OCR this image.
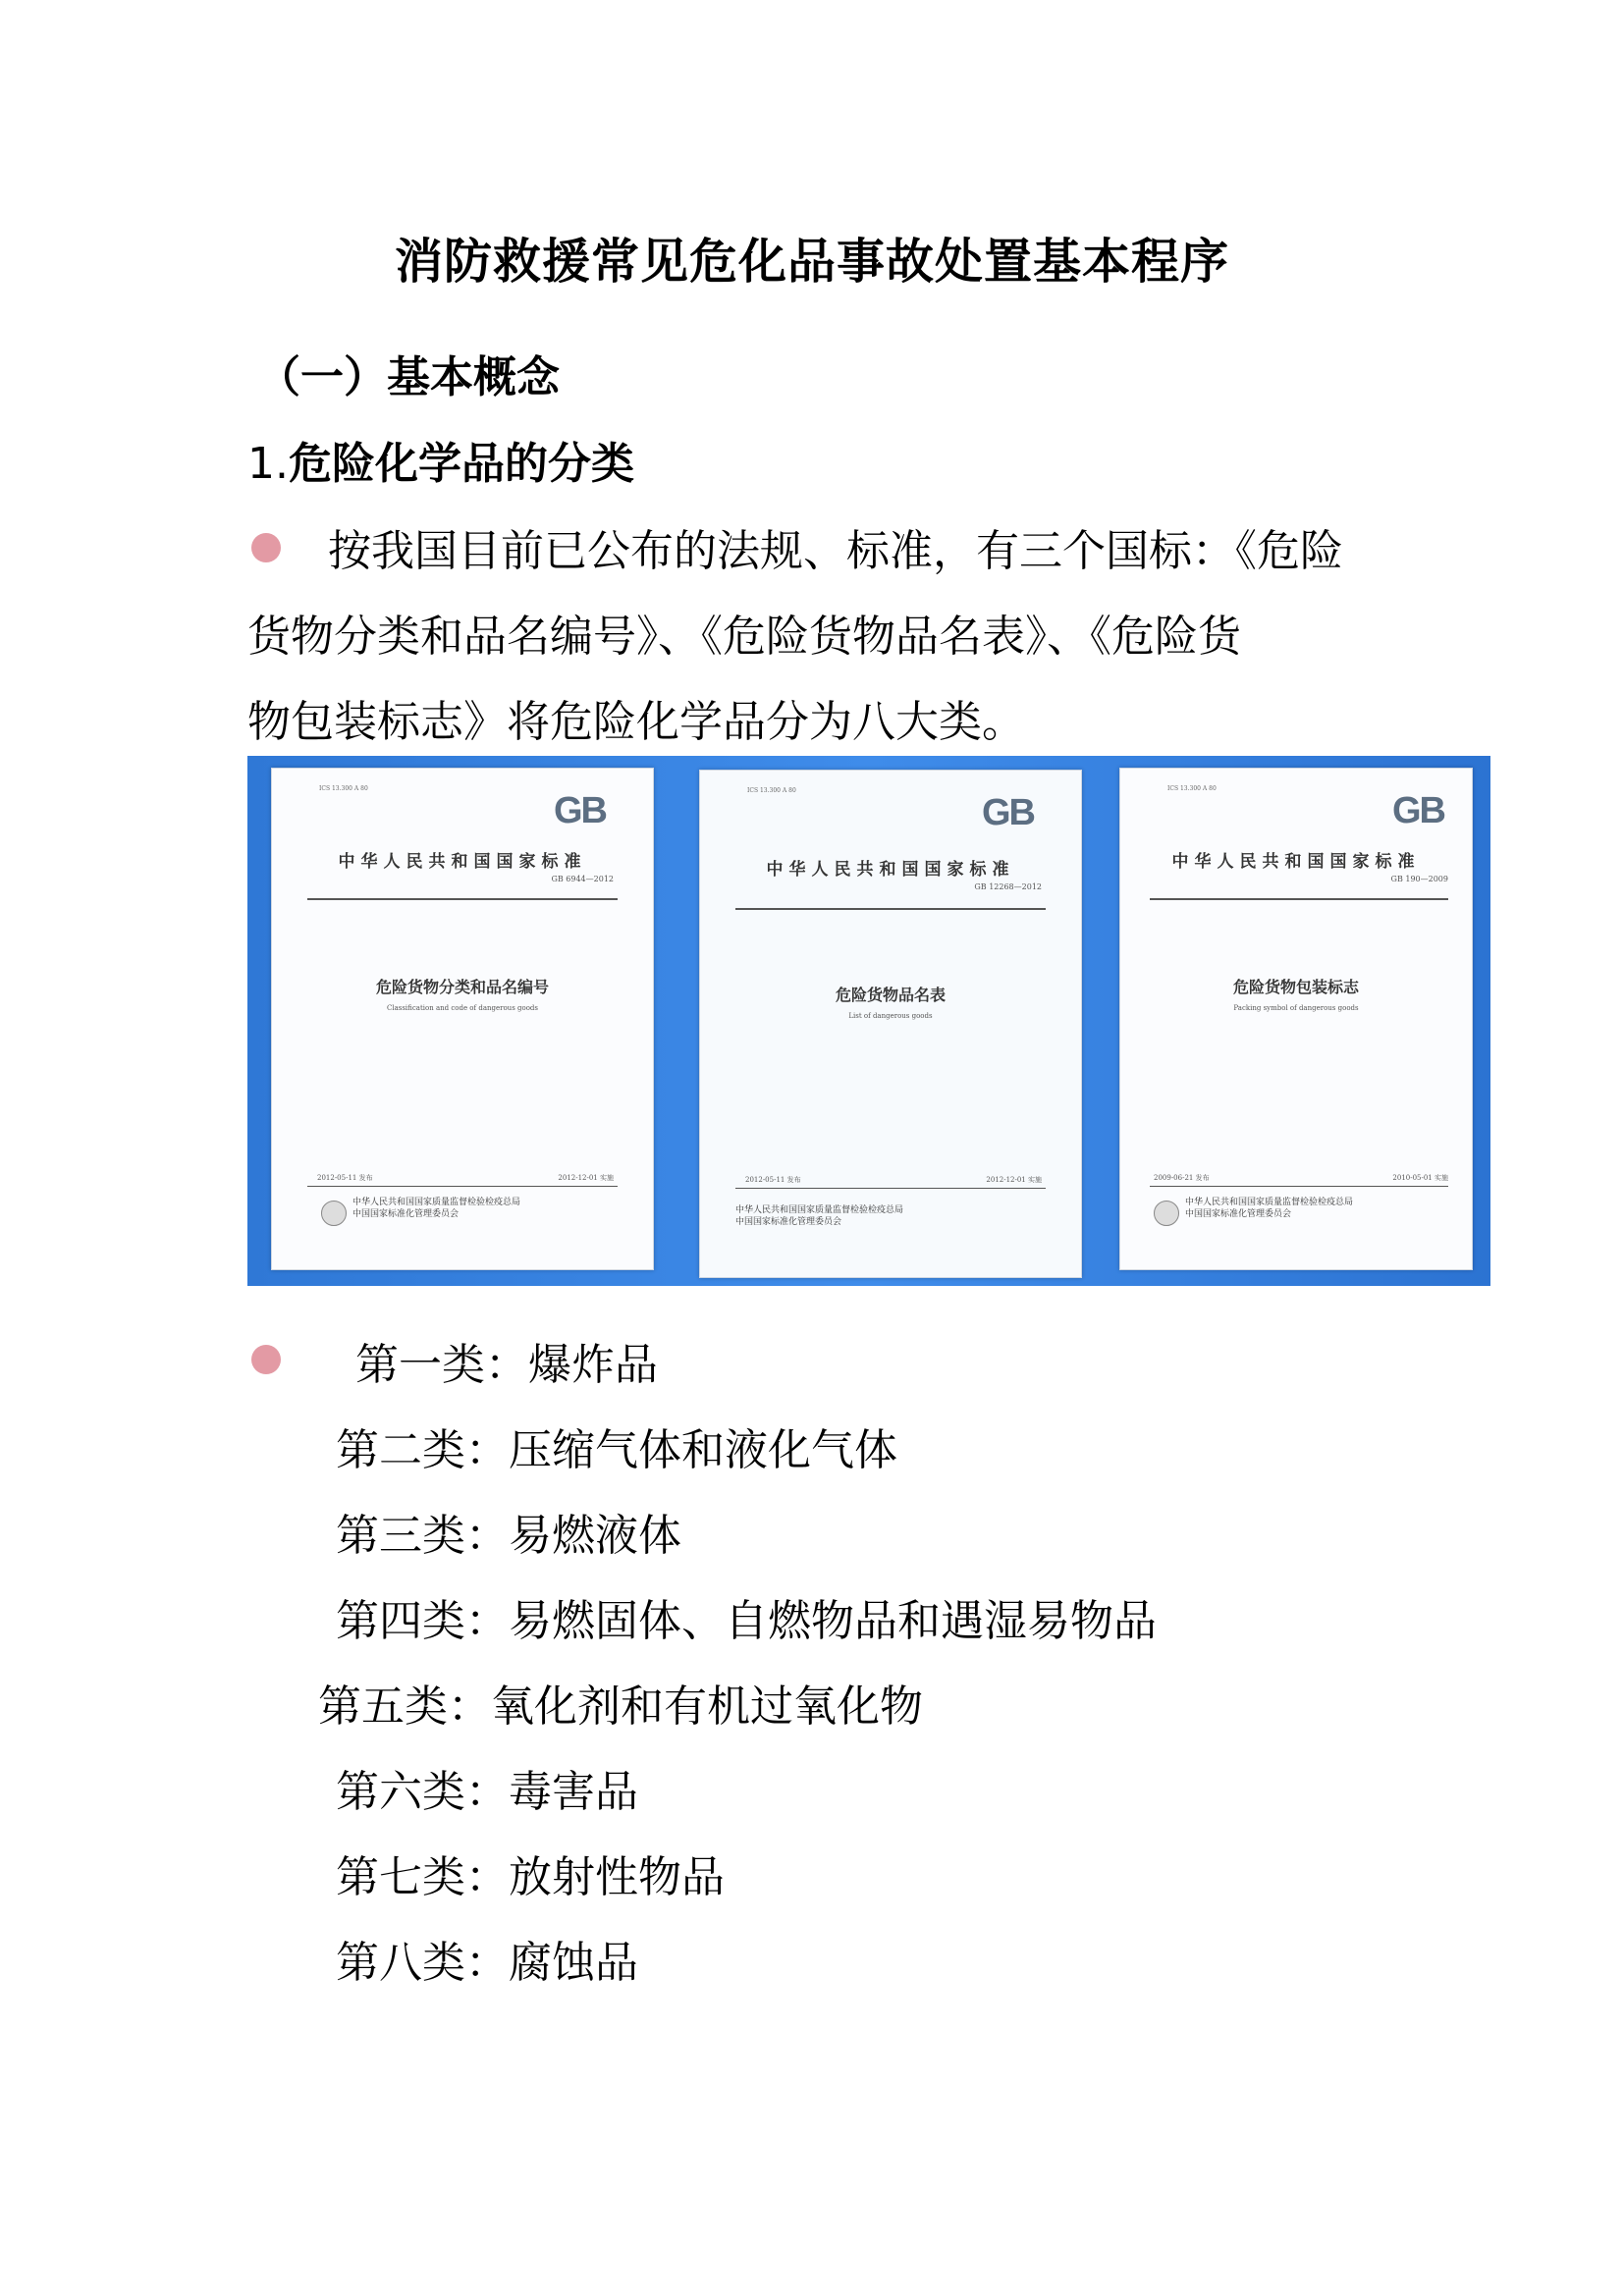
消防救援常见危化品事故处置基本程序
（一）基本概念
1.危险化学品的分类
按我国目前已公布的法规、标准，有三个国标：《危险
货物分类和品名编号》、《危险货物品名表》、《危险货
物包装标志》将危险化学品分为八大类。
ICS 13.300 A 80
GB
中华人民共和国国家标准
GB 6944—2012
危险货物分类和品名编号
Classification and code of dangerous goods
2012-05-11 发布	2012-12-01 实施
中华人民共和国国家质量监督检验检疫总局
中国国家标准化管理委员会
ICS 13.300 A 80
GB
中华人民共和国国家标准
GB 12268—2012
危险货物品名表
List of dangerous goods
2012-05-11 发布	2012-12-01 实施
中华人民共和国国家质量监督检验检疫总局
中国国家标准化管理委员会
ICS 13.300 A 80
GB
中华人民共和国国家标准
GB 190—2009
危险货物包装标志
Packing symbol of dangerous goods
2009-06-21 发布	2010-05-01 实施
中华人民共和国国家质量监督检验检疫总局
中国国家标准化管理委员会
第一类：爆炸品
第二类：压缩气体和液化气体
第三类：易燃液体
第四类：易燃固体、自燃物品和遇湿易物品
第五类：氧化剂和有机过氧化物
第六类：毒害品
第七类：放射性物品
第八类：腐蚀品
